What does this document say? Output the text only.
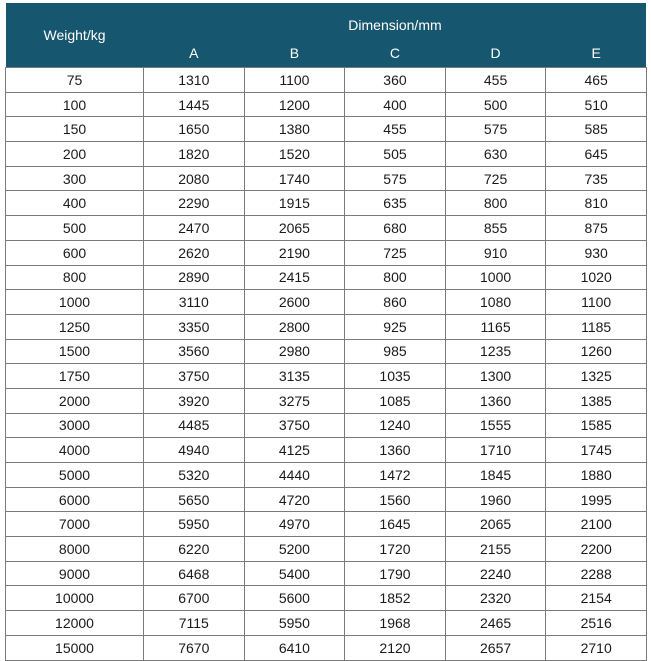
Weight/kg	Dimension/mm				
	A	B	C	D	E
75	1310	1100	360	455	465
100	1445	1200	400	500	510
150	1650	1380	455	575	585
200	1820	1520	505	630	645
300	2080	1740	575	725	735
400	2290	1915	635	800	810
500	2470	2065	680	855	875
600	2620	2190	725	910	930
800	2890	2415	800	1000	1020
1000	3110	2600	860	1080	1100
1250	3350	2800	925	1165	1185
1500	3560	2980	985	1235	1260
1750	3750	3135	1035	1300	1325
2000	3920	3275	1085	1360	1385
3000	4485	3750	1240	1555	1585
4000	4940	4125	1360	1710	1745
5000	5320	4440	1472	1845	1880
6000	5650	4720	1560	1960	1995
7000	5950	4970	1645	2065	2100
8000	6220	5200	1720	2155	2200
9000	6468	5400	1790	2240	2288
10000	6700	5600	1852	2320	2154
12000	7115	5950	1968	2465	2516
15000	7670	6410	2120	2657	2710
